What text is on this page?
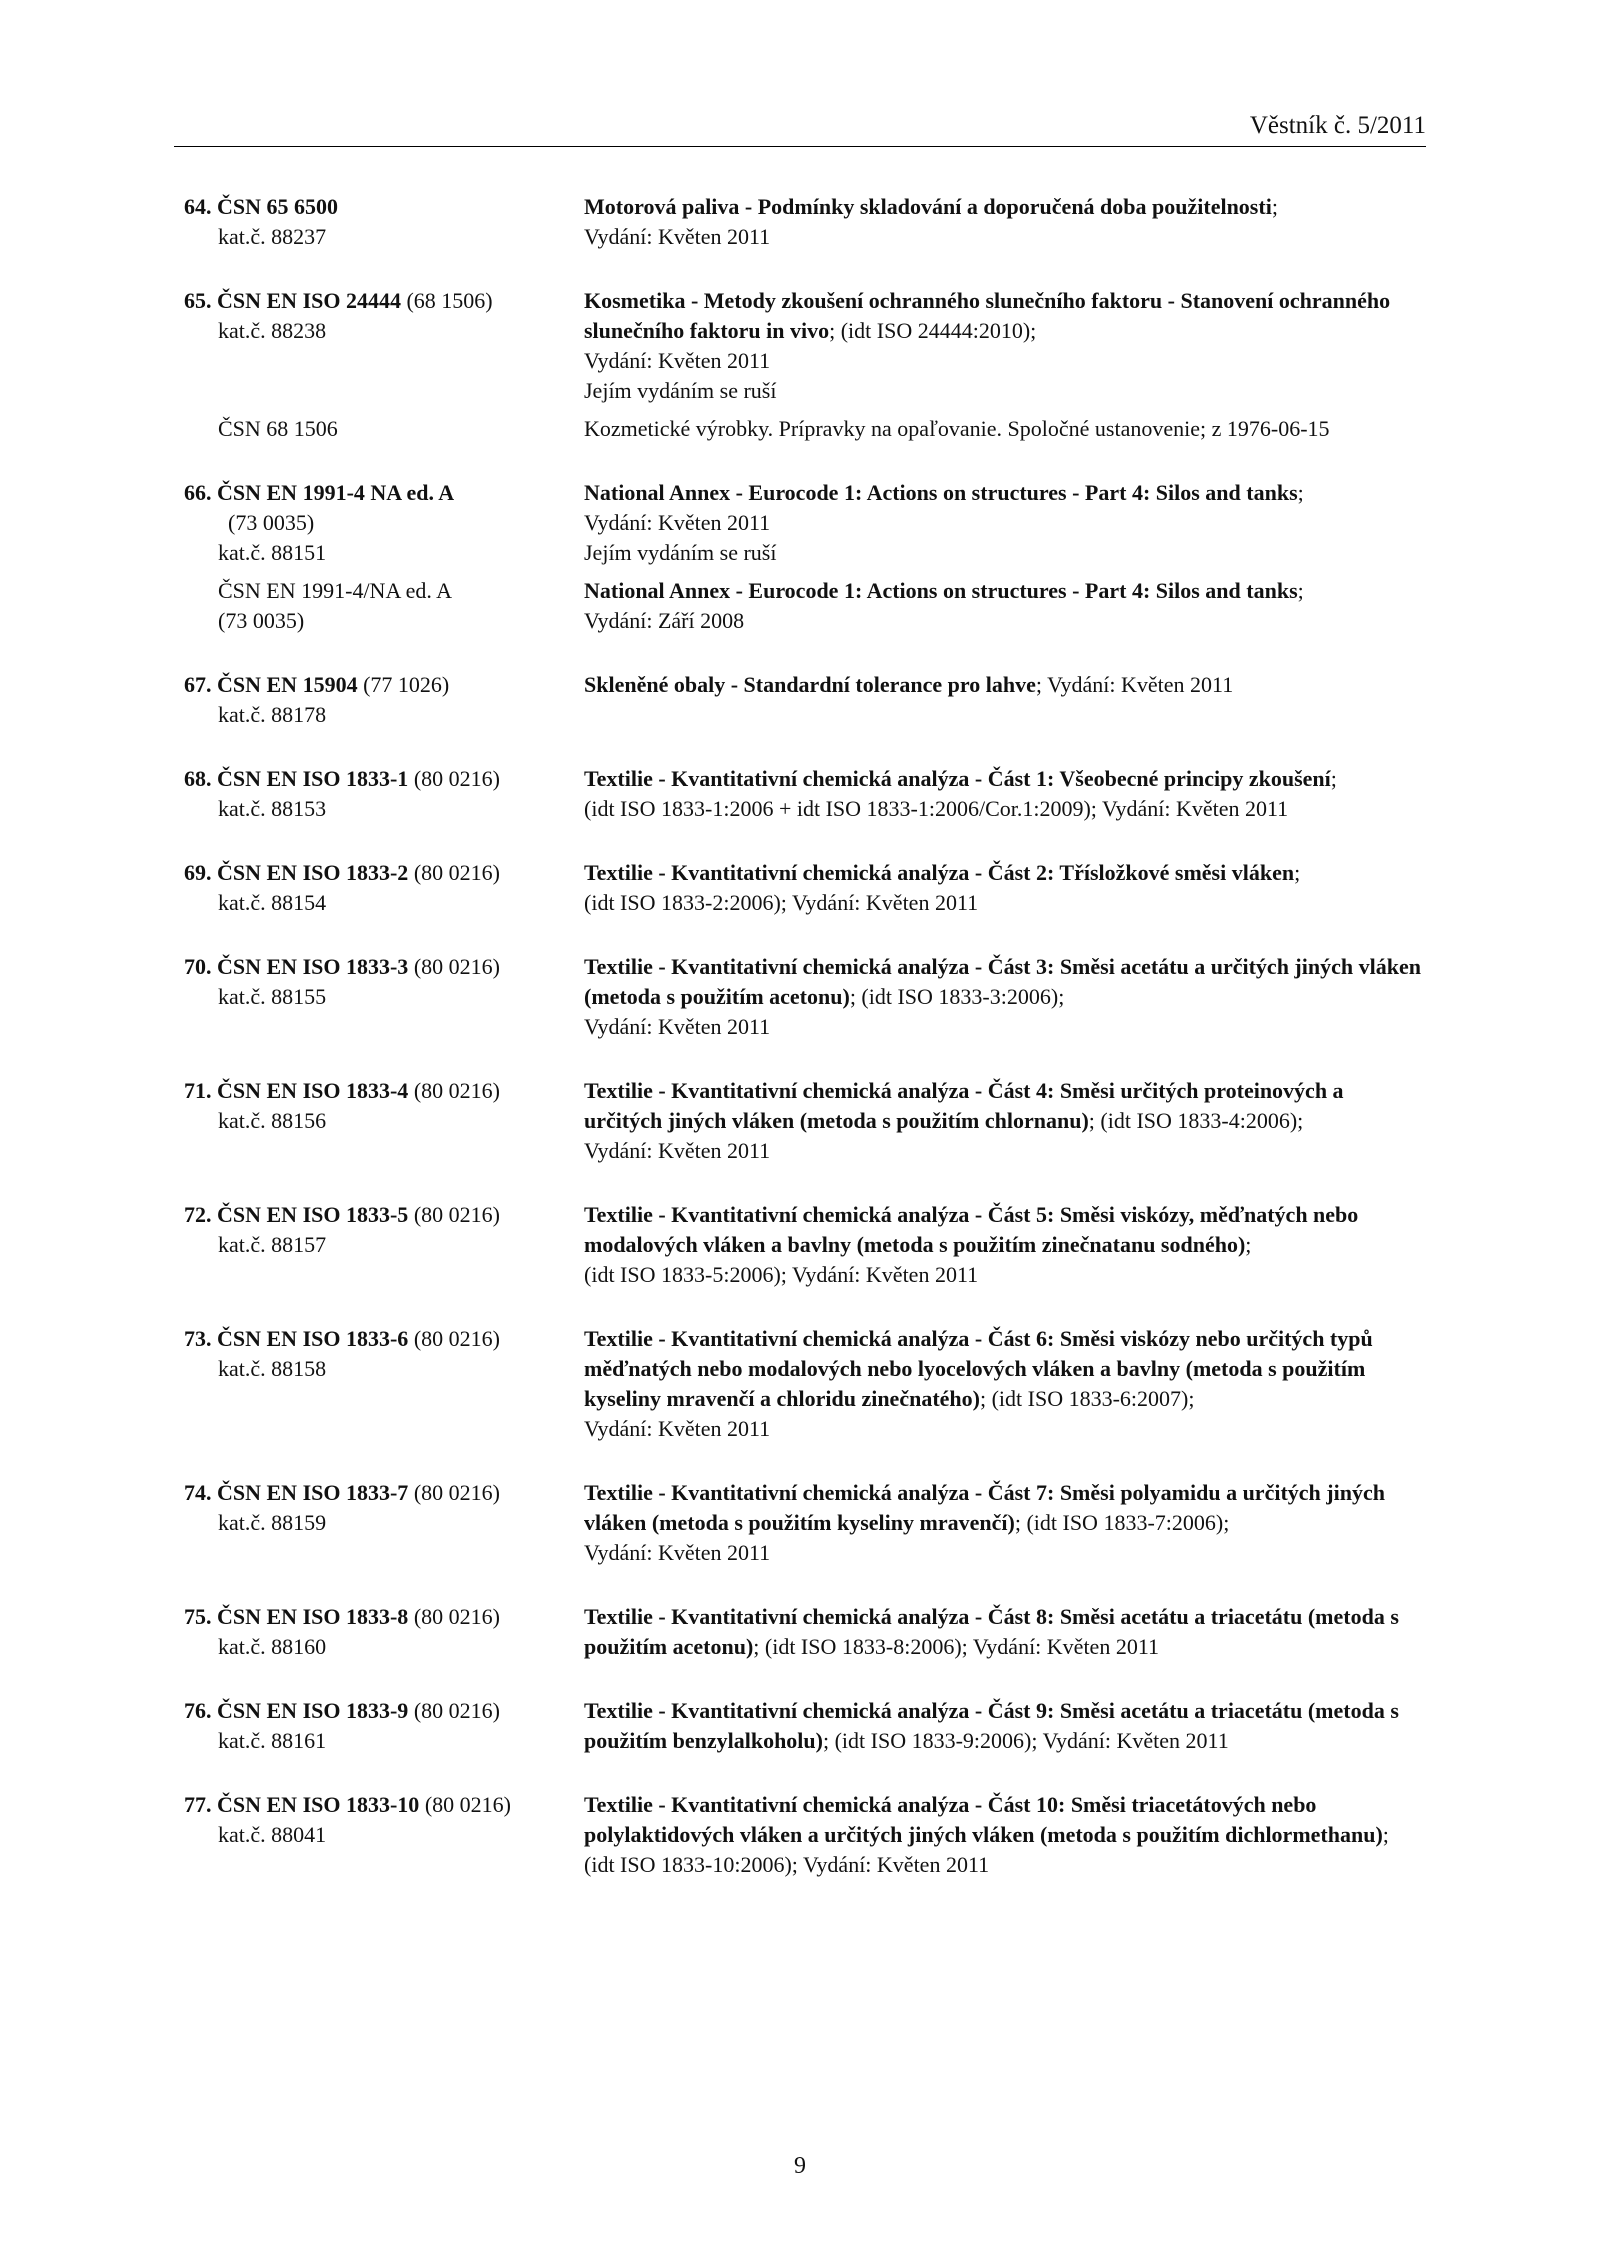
Věstník č. 5/2011
64. ČSN 65 6500
kat.č. 88237
Motorová paliva - Podmínky skladování a doporučená doba použitelnosti;
Vydání: Květen 2011
65. ČSN EN ISO 24444 (68 1506)
kat.č. 88238
Kosmetika - Metody zkoušení ochranného slunečního faktoru - Stanovení ochranného slunečního faktoru in vivo; (idt ISO 24444:2010);
Vydání: Květen 2011
Jejím vydáním se ruší
ČSN 68 1506	Kozmetické výrobky. Prípravky na opaľovanie. Spoločné ustanovenie; z 1976-06-15
66. ČSN EN 1991-4 NA ed. A
(73 0035)
kat.č. 88151
National Annex - Eurocode 1: Actions on structures - Part 4: Silos and tanks;
Vydání: Květen 2011
Jejím vydáním se ruší
ČSN EN 1991-4/NA ed. A
(73 0035)
National Annex - Eurocode 1: Actions on structures - Part 4: Silos and tanks;
Vydání: Září 2008
67. ČSN EN 15904 (77 1026)
kat.č. 88178
Skleněné obaly - Standardní tolerance pro lahve; Vydání: Květen 2011
68. ČSN EN ISO 1833-1 (80 0216)
kat.č. 88153
Textilie - Kvantitativní chemická analýza - Část 1: Všeobecné principy zkoušení;
(idt ISO 1833-1:2006 + idt ISO 1833-1:2006/Cor.1:2009); Vydání: Květen 2011
69. ČSN EN ISO 1833-2 (80 0216)
kat.č. 88154
Textilie - Kvantitativní chemická analýza - Část 2: Třísložkové směsi vláken;
(idt ISO 1833-2:2006); Vydání: Květen 2011
70. ČSN EN ISO 1833-3 (80 0216)
kat.č. 88155
Textilie - Kvantitativní chemická analýza - Část 3: Směsi acetátu a určitých jiných vláken (metoda s použitím acetonu); (idt ISO 1833-3:2006);
Vydání: Květen 2011
71. ČSN EN ISO 1833-4 (80 0216)
kat.č. 88156
Textilie - Kvantitativní chemická analýza - Část 4: Směsi určitých proteinových a určitých jiných vláken (metoda s použitím chlornanu); (idt ISO 1833-4:2006);
Vydání: Květen 2011
72. ČSN EN ISO 1833-5 (80 0216)
kat.č. 88157
Textilie - Kvantitativní chemická analýza - Část 5: Směsi viskózy, měďnatých nebo modalových vláken a bavlny (metoda s použitím zinečnatanu sodného);
(idt ISO 1833-5:2006); Vydání: Květen 2011
73. ČSN EN ISO 1833-6 (80 0216)
kat.č. 88158
Textilie - Kvantitativní chemická analýza - Část 6: Směsi viskózy nebo určitých typů měďnatých nebo modalových nebo lyocelových vláken a bavlny (metoda s použitím kyseliny mravenčí a chloridu zinečnatého); (idt ISO 1833-6:2007);
Vydání: Květen 2011
74. ČSN EN ISO 1833-7 (80 0216)
kat.č. 88159
Textilie - Kvantitativní chemická analýza - Část 7: Směsi polyamidu a určitých jiných vláken (metoda s použitím kyseliny mravenčí); (idt ISO 1833-7:2006);
Vydání: Květen 2011
75. ČSN EN ISO 1833-8 (80 0216)
kat.č. 88160
Textilie - Kvantitativní chemická analýza - Část 8: Směsi acetátu a triacetátu (metoda s použitím acetonu); (idt ISO 1833-8:2006); Vydání: Květen 2011
76. ČSN EN ISO 1833-9 (80 0216)
kat.č. 88161
Textilie - Kvantitativní chemická analýza - Část 9: Směsi acetátu a triacetátu (metoda s použitím benzylalkoholu); (idt ISO 1833-9:2006); Vydání: Květen 2011
77. ČSN EN ISO 1833-10 (80 0216)
kat.č. 88041
Textilie - Kvantitativní chemická analýza - Část 10: Směsi triacetátových nebo polylaktidových vláken a určitých jiných vláken (metoda s použitím dichlormethanu); (idt ISO 1833-10:2006); Vydání: Květen 2011
9
